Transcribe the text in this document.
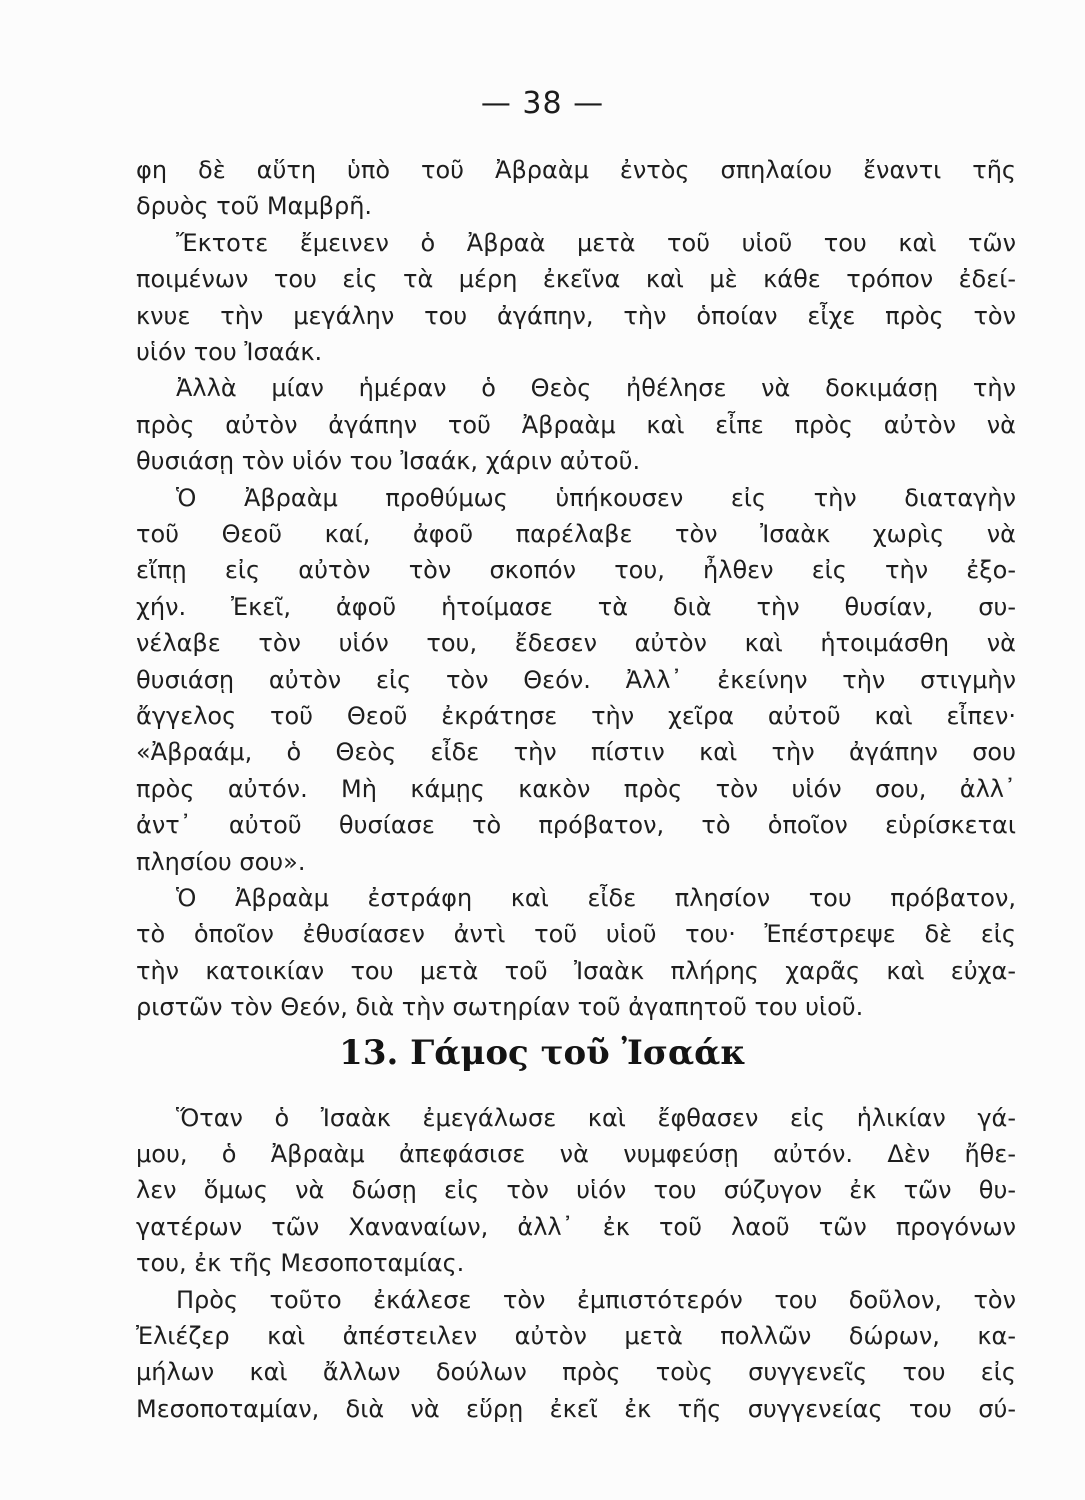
— 38 —
φη δὲ αὕτη ὑπὸ τοῦ Ἀβραὰμ ἐντὸς σπηλαίου ἔναντι τῆς
δρυὸς τοῦ Μαμβρῆ.
Ἔκτοτε ἔμεινεν ὁ Ἀβραὰ μετὰ τοῦ υἱοῦ του καὶ τῶν
ποιμένων του εἰς τὰ μέρη ἐκεῖνα καὶ μὲ κάθε τρόπον ἐδεί-
κνυε τὴν μεγάλην του ἀγάπην, τὴν ὁποίαν εἶχε πρὸς τὸν
υἱόν του Ἰσαάκ.
Ἀλλὰ μίαν ἡμέραν ὁ Θεὸς ἠθέλησε νὰ δοκιμάσῃ τὴν
πρὸς αὐτὸν ἀγάπην τοῦ Ἀβραὰμ καὶ εἶπε πρὸς αὐτὸν νὰ
θυσιάσῃ τὸν υἱόν του Ἰσαάκ, χάριν αὐτοῦ.
Ὁ Ἀβραὰμ προθύμως ὑπήκουσεν εἰς τὴν διαταγὴν
τοῦ Θεοῦ καί, ἀφοῦ παρέλαβε τὸν Ἰσαὰκ χωρὶς νὰ
εἴπῃ εἰς αὐτὸν τὸν σκοπόν του, ἦλθεν εἰς τὴν ἐξο-
χήν. Ἐκεῖ, ἀφοῦ ἡτοίμασε τὰ διὰ τὴν θυσίαν, συ-
νέλαβε τὸν υἱόν του, ἔδεσεν αὐτὸν καὶ ἡτοιμάσθη νὰ
θυσιάσῃ αὐτὸν εἰς τὸν Θεόν. Ἀλλ᾽ ἐκείνην τὴν στιγμὴν
ἄγγελος τοῦ Θεοῦ ἐκράτησε τὴν χεῖρα αὐτοῦ καὶ εἶπεν·
«Ἀβραάμ, ὁ Θεὸς εἶδε τὴν πίστιν καὶ τὴν ἀγάπην σου
πρὸς αὐτόν. Μὴ κάμῃς κακὸν πρὸς τὸν υἱόν σου, ἀλλ᾽
ἀντ᾽ αὐτοῦ θυσίασε τὸ πρόβατον, τὸ ὁποῖον εὑρίσκεται
πλησίου σου».
Ὁ Ἀβραὰμ ἐστράφη καὶ εἶδε πλησίον του πρόβατον,
τὸ ὁποῖον ἐθυσίασεν ἀντὶ τοῦ υἱοῦ του· Ἐπέστρεψε δὲ εἰς
τὴν κατοικίαν του μετὰ τοῦ Ἰσαὰκ πλήρης χαρᾶς καὶ εὐχα-
ριστῶν τὸν Θεόν, διὰ τὴν σωτηρίαν τοῦ ἀγαπητοῦ του υἱοῦ.
13. Γάμος τοῦ Ἰσαάκ
Ὅταν ὁ Ἰσαὰκ ἐμεγάλωσε καὶ ἔφθασεν εἰς ἡλικίαν γά-
μου, ὁ Ἀβραὰμ ἀπεφάσισε νὰ νυμφεύσῃ αὐτόν. Δὲν ἤθε-
λεν ὅμως νὰ δώσῃ εἰς τὸν υἱόν του σύζυγον ἐκ τῶν θυ-
γατέρων τῶν Χαναναίων, ἀλλ᾽ ἐκ τοῦ λαοῦ τῶν προγόνων
του, ἐκ τῆς Μεσοποταμίας.
Πρὸς τοῦτο ἐκάλεσε τὸν ἐμπιστότερόν του δοῦλον, τὸν
Ἐλιέζερ καὶ ἀπέστειλεν αὐτὸν μετὰ πολλῶν δώρων, κα-
μήλων καὶ ἄλλων δούλων πρὸς τοὺς συγγενεῖς του εἰς
Μεσοποταμίαν, διὰ νὰ εὕρῃ ἐκεῖ ἐκ τῆς συγγενείας του σύ-
